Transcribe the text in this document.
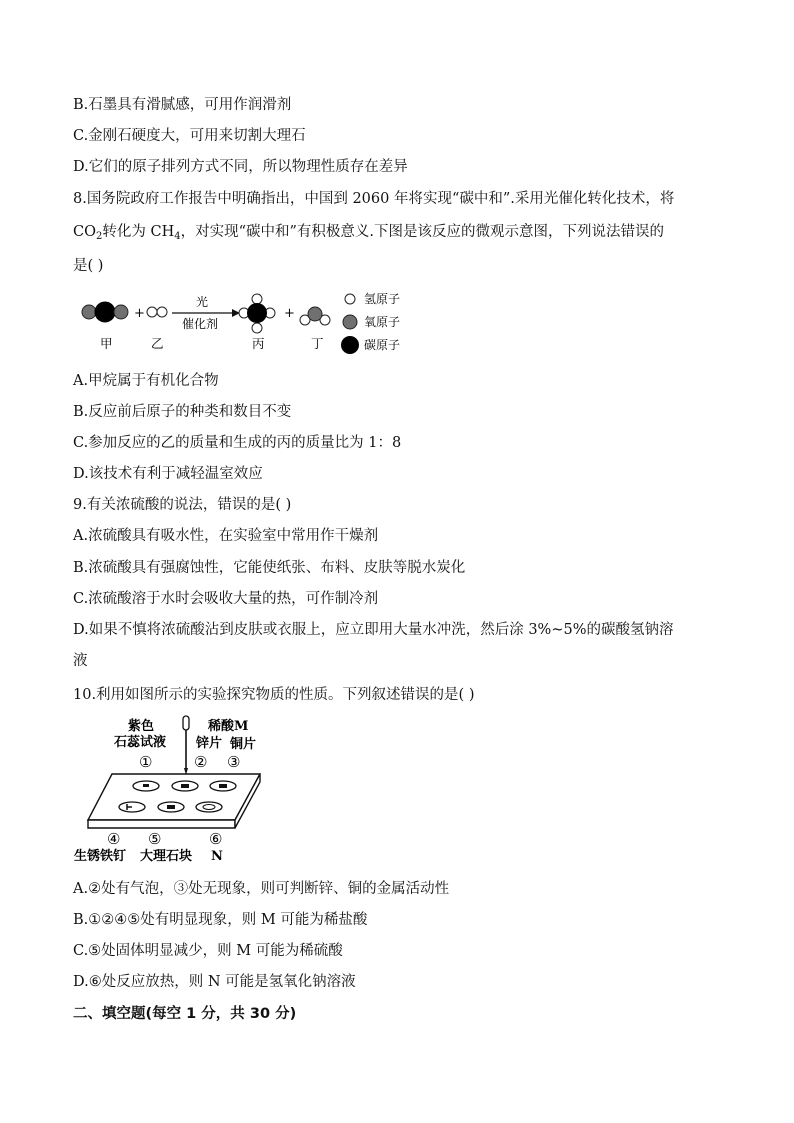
B.石墨具有滑腻感，可用作润滑剂
C.金刚石硬度大，可用来切割大理石
D.它们的原子排列方式不同，所以物理性质存在差异
8.国务院政府工作报告中明确指出，中国到 2060 年将实现“碳中和”.采用光催化转化技术，将
$CO_2$转化为 $CH_4$，对实现“碳中和”有积极意义.下图是该反应的微观示意图，下列说法错误的
是( )
+
光
催化剂
+
甲	乙	丙	丁
氢原子
氧原子
碳原子
A.甲烷属于有机化合物
B.反应前后原子的种类和数目不变
C.参加反应的乙的质量和生成的丙的质量比为 1：8
D.该技术有利于减轻温室效应
9.有关浓硫酸的说法，错误的是( )
A.浓硫酸具有吸水性，在实验室中常用作干燥剂
B.浓硫酸具有强腐蚀性，它能使纸张、布料、皮肤等脱水炭化
C.浓硫酸溶于水时会吸收大量的热，可作制冷剂
D.如果不慎将浓硫酸沾到皮肤或衣服上，应立即用大量水冲洗，然后涂 3%~5%的碳酸氢钠溶
液
10.利用如图所示的实验探究物质的性质。下列叙述错误的是( )
紫色
石蕊试液
稀酸M
锌片 铜片
①	② ③
④ ⑤	⑥
生锈铁钉 大理石块 N
A.②处有气泡，③处无现象，则可判断锌、铜的金属活动性
B.①②④⑤处有明显现象，则 M 可能为稀盐酸
C.⑤处固体明显减少，则 M 可能为稀硫酸
D.⑥处反应放热，则 N 可能是氢氧化钠溶液
二、填空题(每空 1 分，共 30 分)
